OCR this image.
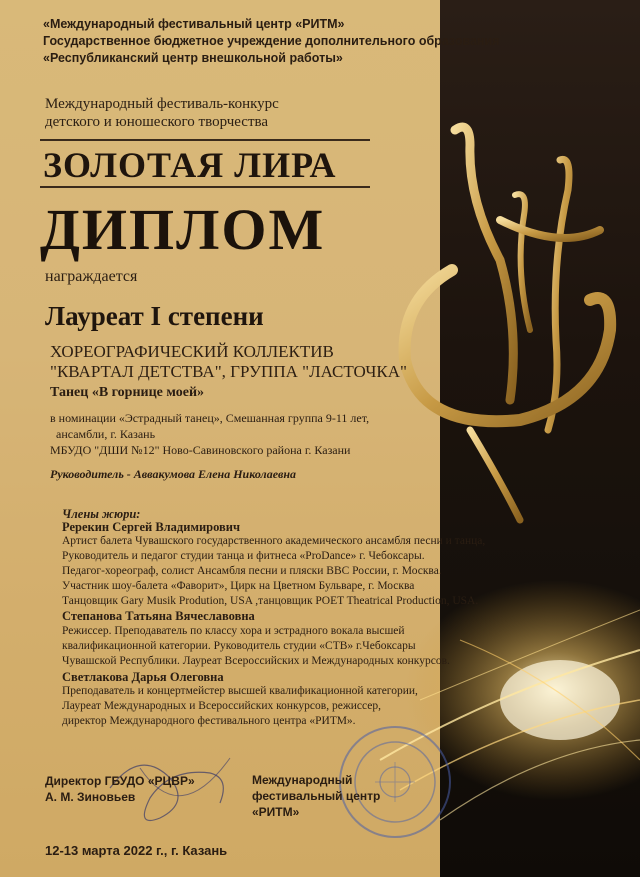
«Международный фестивальный центр «РИТМ»
Государственное бюджетное учреждение дополнительного образования
«Республиканский центр внешкольной работы»
Международный фестиваль-конкурс
детского и юношеского творчества
ЗОЛОТАЯ ЛИРА
ДИПЛОМ
награждается
Лауреат I степени
ХОРЕОГРАФИЧЕСКИЙ КОЛЛЕКТИВ
"КВАРТАЛ ДЕТСТВА", ГРУППА "ЛАСТОЧКА"
Танец «В горнице моей»
в номинации «Эстрадный танец», Смешанная группа 9-11 лет,
ансамбли, г. Казань
МБУДО "ДШИ №12" Ново-Савиновского района г. Казани
Руководитель - Аввакумова Елена Николаевна
Члены жюри:
Ререкин Сергей Владимирович
Артист балета Чувашского государственного академического ансамбля песни и танца,
Руководитель и педагог студии танца и фитнеса «ProDance» г. Чебоксары.
Педагог-хореограф, солист Ансамбля песни и пляски ВВС России, г. Москва.
Участник шоу-балета «Фаворит», Цирк на Цветном Бульваре, г. Москва
Танцовщик Gary Musik Prodution, USA ,танцовщик POET Theatrical Production, USA.
Степанова Татьяна Вячеславовна
Режиссер. Преподаватель по классу хора и эстрадного вокала высшей
квалификационной категории. Руководитель студии «СТВ» г.Чебоксары
Чувашской Республики. Лауреат Всероссийских и Международных конкурсов.
Светлакова Дарья Олеговна
Преподаватель и концертмейстер высшей квалификационной категории,
Лауреат Международных и Всероссийских конкурсов, режиссер,
директор Международного фестивального центра «РИТМ».
Директор ГБУДО «РЦВР»
А. М. Зиновьев
Международный
фестивальный центр
«РИТМ»
12-13 марта 2022 г., г. Казань
